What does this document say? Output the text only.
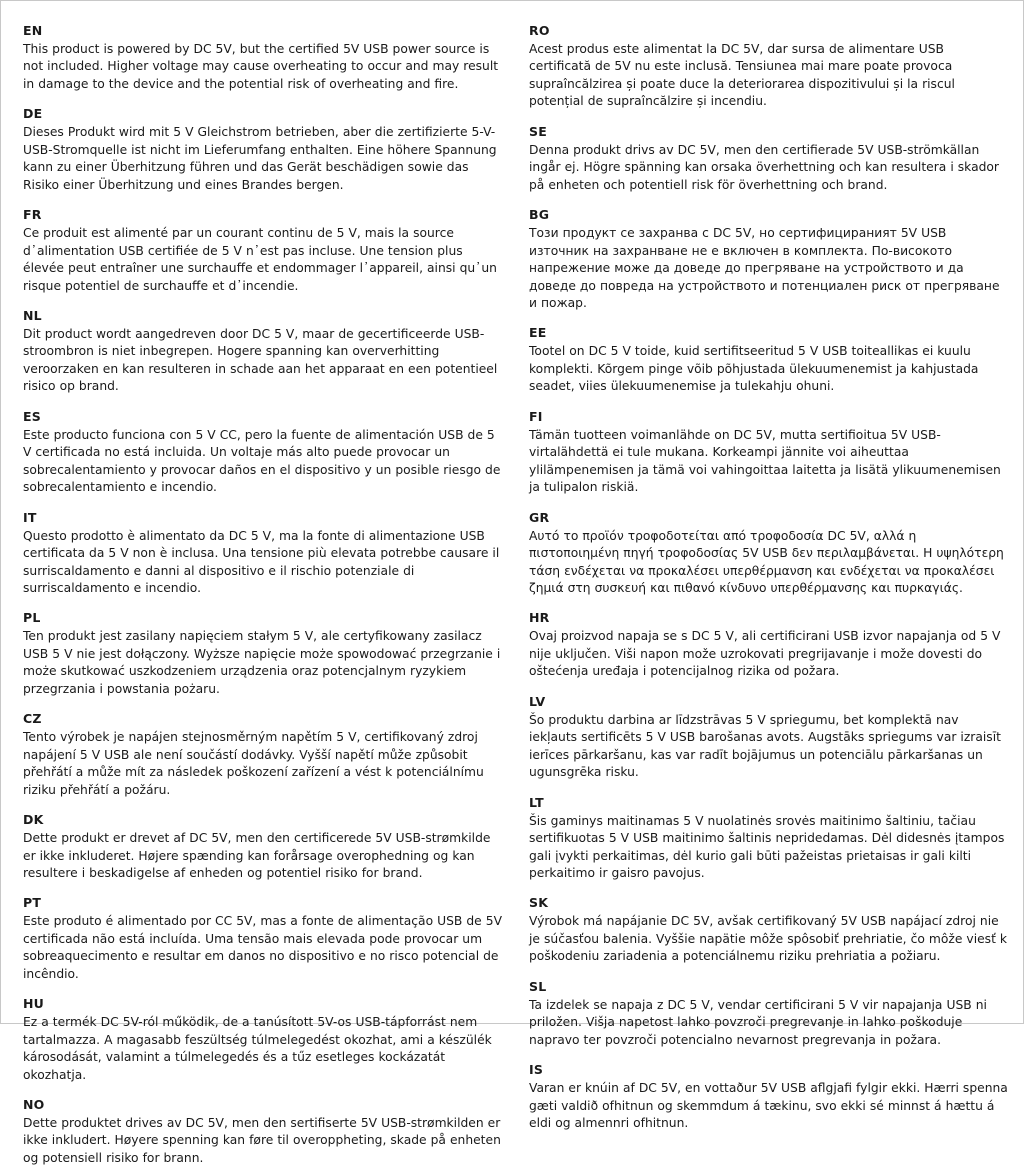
EN
This product is powered by DC 5V, but the certified 5V USB power source is not included. Higher voltage may cause overheating to occur and may result in damage to the device and the potential risk of overheating and fire.
DE
Dieses Produkt wird mit 5 V Gleichstrom betrieben, aber die zertifizierte 5-V-USB-Stromquelle ist nicht im Lieferumfang enthalten. Eine höhere Spannung kann zu einer Überhitzung führen und das Gerät beschädigen sowie das Risiko einer Überhitzung und eines Brandes bergen.
FR
Ce produit est alimenté par un courant continu de 5 V, mais la source d᾽alimentation USB certifiée de 5 V n᾽est pas incluse. Une tension plus élevée peut entraîner une surchauffe et endommager l᾽appareil, ainsi qu᾽un risque potentiel de surchauffe et d᾽incendie.
NL
Dit product wordt aangedreven door DC 5 V, maar de gecertificeerde USB-stroombron is niet inbegrepen. Hogere spanning kan oververhitting veroorzaken en kan resulteren in schade aan het apparaat en een potentieel risico op brand.
ES
Este producto funciona con 5 V CC, pero la fuente de alimentación USB de 5 V certificada no está incluida. Un voltaje más alto puede provocar un sobrecalentamiento y provocar daños en el dispositivo y un posible riesgo de sobrecalentamiento e incendio.
IT
Questo prodotto è alimentato da DC 5 V, ma la fonte di alimentazione USB certificata da 5 V non è inclusa. Una tensione più elevata potrebbe causare il surriscaldamento e danni al dispositivo e il rischio potenziale di surriscaldamento e incendio.
PL
Ten produkt jest zasilany napięciem stałym 5 V, ale certyfikowany zasilacz USB 5 V nie jest dołączony. Wyższe napięcie może spowodować przegrzanie i może skutkować uszkodzeniem urządzenia oraz potencjalnym ryzykiem przegrzania i powstania pożaru.
CZ
Tento výrobek je napájen stejnosměrným napětím 5 V, certifikovaný zdroj napájení 5 V USB ale není součástí dodávky. Vyšší napětí může způsobit přehřátí a může mít za následek poškození zařízení a vést k potenciálnímu riziku přehřátí a požáru.
DK
Dette produkt er drevet af DC 5V, men den certificerede 5V USB-strømkilde er ikke inkluderet. Højere spænding kan forårsage overophedning og kan resultere i beskadigelse af enheden og potentiel risiko for brand.
PT
Este produto é alimentado por CC 5V, mas a fonte de alimentação USB de 5V certificada não está incluída. Uma tensão mais elevada pode provocar um sobreaquecimento e resultar em danos no dispositivo e no risco potencial de incêndio.
HU
Ez a termék DC 5V-ról működik, de a tanúsított 5V-os USB-tápforrást nem tartalmazza. A magasabb feszültség túlmelegedést okozhat, ami a készülék károsodását, valamint a túlmelegedés és a tűz esetleges kockázatát okozhatja.
NO
Dette produktet drives av DC 5V, men den sertifiserte 5V USB-strømkilden er ikke inkludert. Høyere spenning kan føre til overoppheting, skade på enheten og potensiell risiko for brann.
RO
Acest produs este alimentat la DC 5V, dar sursa de alimentare USB certificată de 5V nu este inclusă. Tensiunea mai mare poate provoca supraîncălzirea și poate duce la deteriorarea dispozitivului și la riscul potențial de supraîncălzire și incendiu.
SE
Denna produkt drivs av DC 5V, men den certifierade 5V USB-strömkällan ingår ej. Högre spänning kan orsaka överhettning och kan resultera i skador på enheten och potentiell risk för överhettning och brand.
BG
Този продукт се захранва с DC 5V, но сертифицираният 5V USB източник на захранване не е включен в комплекта. По-високото напрежение може да доведе до прегряване на устройството и да доведе до повреда на устройството и потенциален риск от прегряване и пожар.
EE
Tootel on DC 5 V toide, kuid sertifitseeritud 5 V USB toiteallikas ei kuulu komplekti. Kõrgem pinge võib põhjustada ülekuumenemist ja kahjustada seadet, viies ülekuumenemise ja tulekahju ohuni.
FI
Tämän tuotteen voimanlähde on DC 5V, mutta sertifioitua 5V USB-virtalähdettä ei tule mukana. Korkeampi jännite voi aiheuttaa ylilämpenemisen ja tämä voi vahingoittaa laitetta ja lisätä ylikuumenemisen ja tulipalon riskiä.
GR
Αυτό το προϊόν τροφοδοτείται από τροφοδοσία DC 5V, αλλά η πιστοποιημένη πηγή τροφοδοσίας 5V USB δεν περιλαμβάνεται. Η υψηλότερη τάση ενδέχεται να προκαλέσει υπερθέρμανση και ενδέχεται να προκαλέσει ζημιά στη συσκευή και πιθανό κίνδυνο υπερθέρμανσης και πυρκαγιάς.
HR
Ovaj proizvod napaja se s DC 5 V, ali certificirani USB izvor napajanja od 5 V nije uključen. Viši napon može uzrokovati pregrijavanje i može dovesti do oštećenja uređaja i potencijalnog rizika od požara.
LV
Šo produktu darbina ar līdzstrāvas 5 V spriegumu, bet komplektā nav iekļauts sertificēts 5 V USB barošanas avots. Augstāks spriegums var izraisīt ierīces pārkaršanu, kas var radīt bojājumus un potenciālu pārkaršanas un ugunsgrēka risku.
LT
Šis gaminys maitinamas 5 V nuolatinės srovės maitinimo šaltiniu, tačiau sertifikuotas 5 V USB maitinimo šaltinis nepridedamas. Dėl didesnės įtampos gali įvykti perkaitimas, dėl kurio gali būti pažeistas prietaisas ir gali kilti perkaitimo ir gaisro pavojus.
SK
Výrobok má napájanie DC 5V, avšak certifikovaný 5V USB napájací zdroj nie je súčasťou balenia. Vyššie napätie môže spôsobiť prehriatie, čo môže viesť k poškodeniu zariadenia a potenciálnemu riziku prehriatia a požiaru.
SL
Ta izdelek se napaja z DC 5 V, vendar certificirani 5 V vir napajanja USB ni priložen. Višja napetost lahko povzroči pregrevanje in lahko poškoduje napravo ter povzroči potencialno nevarnost pregrevanja in požara.
IS
Varan er knúin af DC 5V, en vottaður 5V USB aflgjafi fylgir ekki. Hærri spenna gæti valdið ofhitnun og skemmdum á tækinu, svo ekki sé minnst á hættu á eldi og almennri ofhitnun.
